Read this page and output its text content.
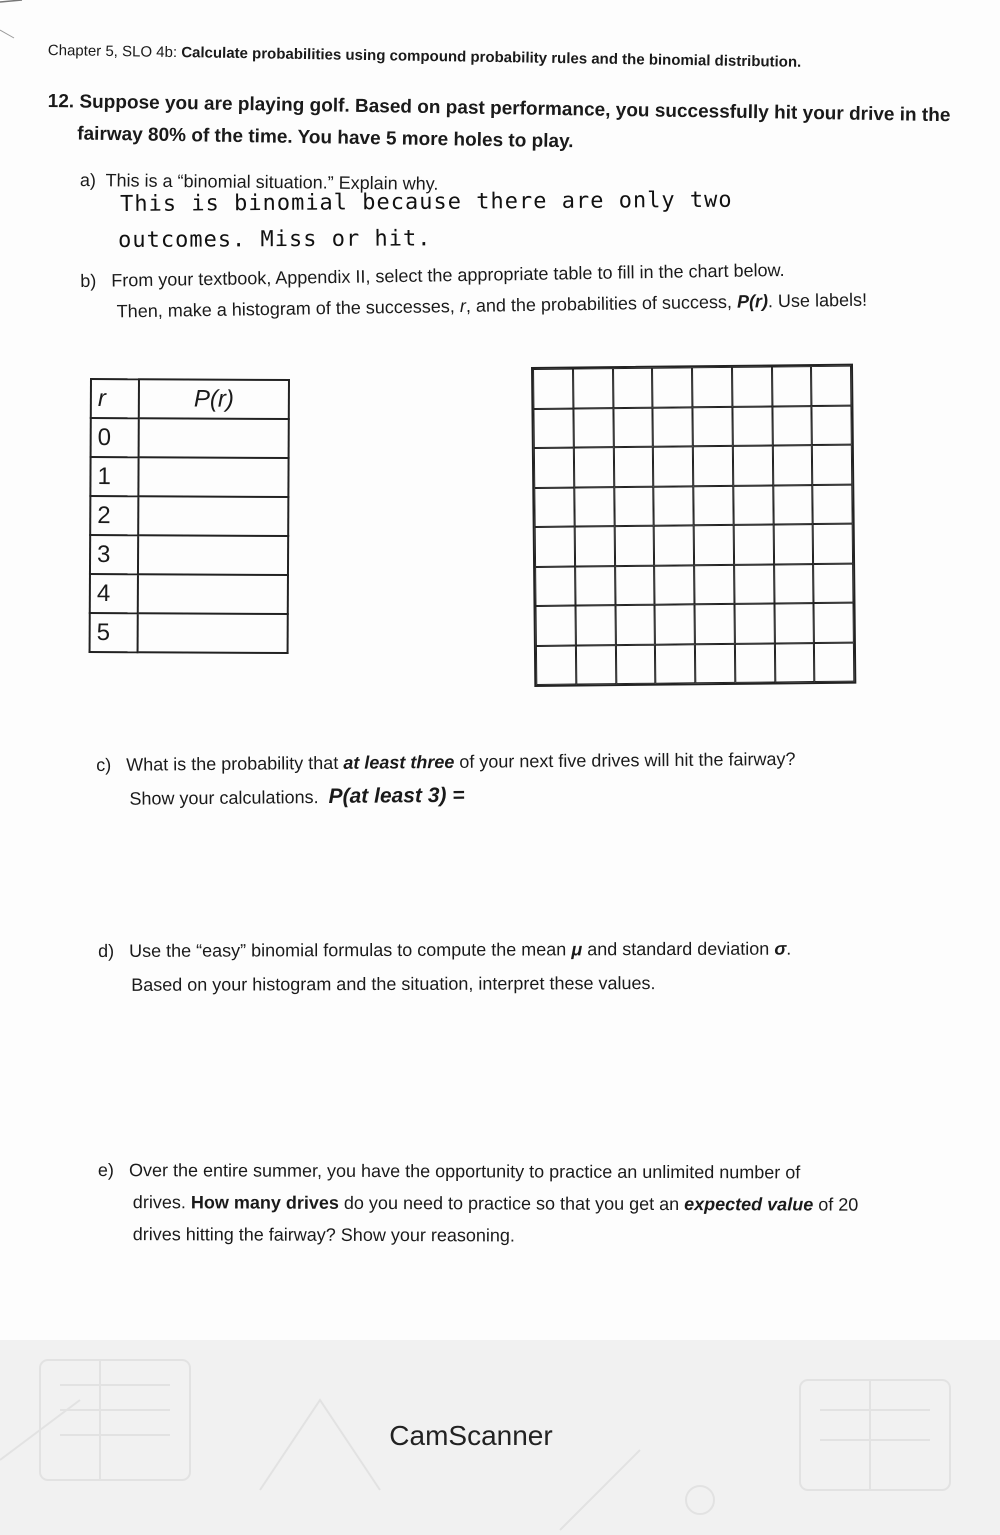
Chapter 5, SLO 4b: Calculate probabilities using compound probability rules and the binomial distribution.
12. Suppose you are playing golf. Based on past performance, you successfully hit your drive in the
fairway 80% of the time. You have 5 more holes to play.
a) This is a “binomial situation.” Explain why.
This is binomial because there are only two
outcomes. Miss or hit.
b) From your textbook, Appendix II, select the appropriate table to fill in the chart below.
Then, make a histogram of the successes, r, and the probabilities of success, P(r). Use labels!
r	P(r)
0	
1	
2	
3	
4	
5	
c) What is the probability that at least three of your next five drives will hit the fairway?
Show your calculations. P(at least 3) =
d) Use the “easy” binomial formulas to compute the mean μ and standard deviation σ.
Based on your histogram and the situation, interpret these values.
e) Over the entire summer, you have the opportunity to practice an unlimited number of
drives. How many drives do you need to practice so that you get an expected value of 20
drives hitting the fairway? Show your reasoning.
CamScanner
